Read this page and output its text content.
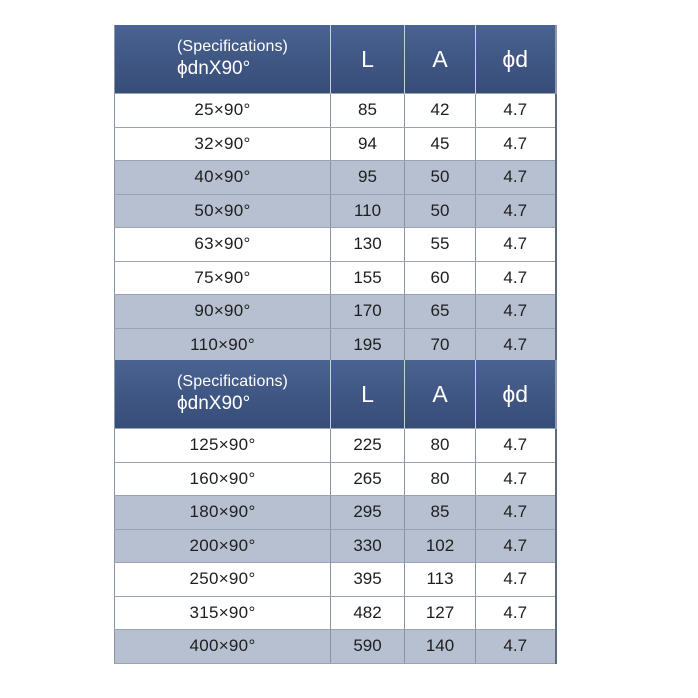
(Specifications)
ϕdnX90°	L	A	ϕd
25×90°	85	42	4.7
32×90°	94	45	4.7
40×90°	95	50	4.7
50×90°	110	50	4.7
63×90°	130	55	4.7
75×90°	155	60	4.7
90×90°	170	65	4.7
110×90°	195	70	4.7
(Specifications)
ϕdnX90°	L	A	ϕd
125×90°	225	80	4.7
160×90°	265	80	4.7
180×90°	295	85	4.7
200×90°	330	102	4.7
250×90°	395	113	4.7
315×90°	482	127	4.7
400×90°	590	140	4.7
